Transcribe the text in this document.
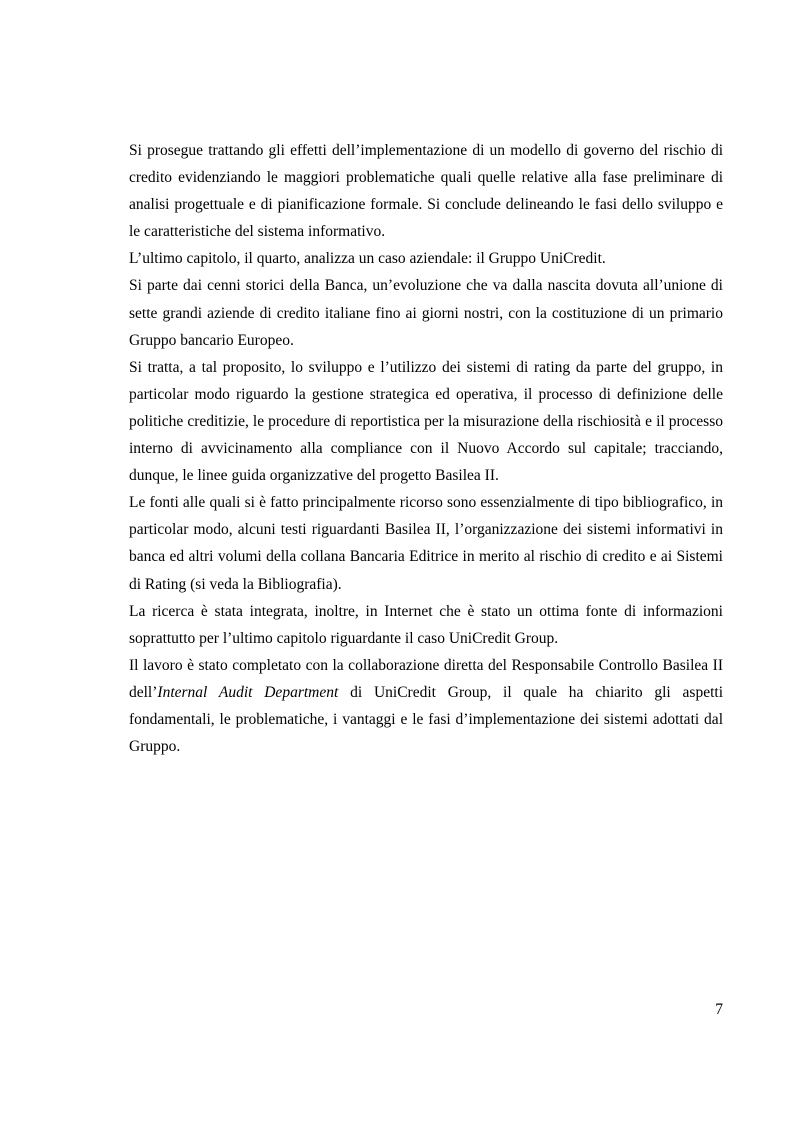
Si prosegue trattando gli effetti dell’implementazione di un modello di governo del rischio di credito evidenziando le maggiori problematiche quali quelle relative alla fase preliminare di analisi progettuale e di pianificazione formale. Si conclude delineando le fasi dello sviluppo e le caratteristiche del sistema informativo.

L’ultimo capitolo, il quarto, analizza un caso aziendale: il Gruppo UniCredit.

Si parte dai cenni storici della Banca, un’evoluzione che va dalla nascita dovuta all’unione di sette grandi aziende di credito italiane fino ai giorni nostri, con la costituzione di un primario Gruppo bancario Europeo.

Si tratta, a tal proposito, lo sviluppo e l’utilizzo dei sistemi di rating da parte del gruppo, in particolar modo riguardo la gestione strategica ed operativa, il processo di definizione delle politiche creditizie, le procedure di reportistica per la misurazione della rischiosità e il processo interno di avvicinamento alla compliance con il Nuovo Accordo sul capitale; tracciando, dunque, le linee guida organizzative del progetto Basilea II.

Le fonti alle quali si è fatto principalmente ricorso sono essenzialmente di tipo bibliografico, in particolar modo, alcuni testi riguardanti Basilea II, l’organizzazione dei sistemi informativi in banca ed altri volumi della collana Bancaria Editrice in merito al rischio di credito e ai Sistemi di Rating (si veda la Bibliografia).

La ricerca è stata integrata, inoltre, in Internet che è stato un ottima fonte di informazioni soprattutto per l’ultimo capitolo riguardante il caso UniCredit Group.

Il lavoro è stato completato con la collaborazione diretta del Responsabile Controllo Basilea II dell’Internal Audit Department di UniCredit Group, il quale ha chiarito gli aspetti fondamentali, le problematiche, i vantaggi e le fasi d’implementazione dei sistemi adottati dal Gruppo.

7
